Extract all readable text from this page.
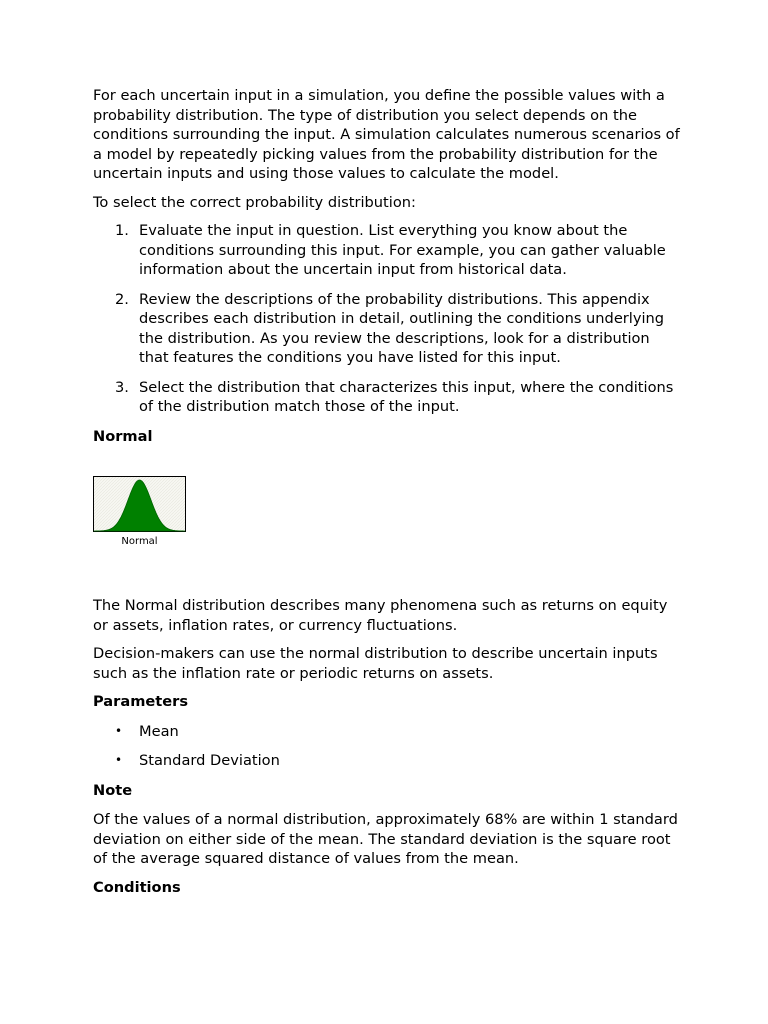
For each uncertain input in a simulation, you define the possible values with a probability distribution. The type of distribution you select depends on the conditions surrounding the input. A simulation calculates numerous scenarios of a model by repeatedly picking values from the probability distribution for the uncertain inputs and using those values to calculate the model.

To select the correct probability distribution:

1. Evaluate the input in question. List everything you know about the conditions surrounding this input. For example, you can gather valuable information about the uncertain input from historical data.
2. Review the descriptions of the probability distributions. This appendix describes each distribution in detail, outlining the conditions underlying the distribution. As you review the descriptions, look for a distribution that features the conditions you have listed for this input.
3. Select the distribution that characterizes this input, where the conditions of the distribution match those of the input.
Normal
Normal

The Normal distribution describes many phenomena such as returns on equity or assets, inflation rates, or currency fluctuations.

Decision-makers can use the normal distribution to describe uncertain inputs such as the inflation rate or periodic returns on assets.

Parameters
• Mean
• Standard Deviation
Note

Of the values of a normal distribution, approximately 68% are within 1 standard deviation on either side of the mean. The standard deviation is the square root of the average squared distance of values from the mean.

Conditions
